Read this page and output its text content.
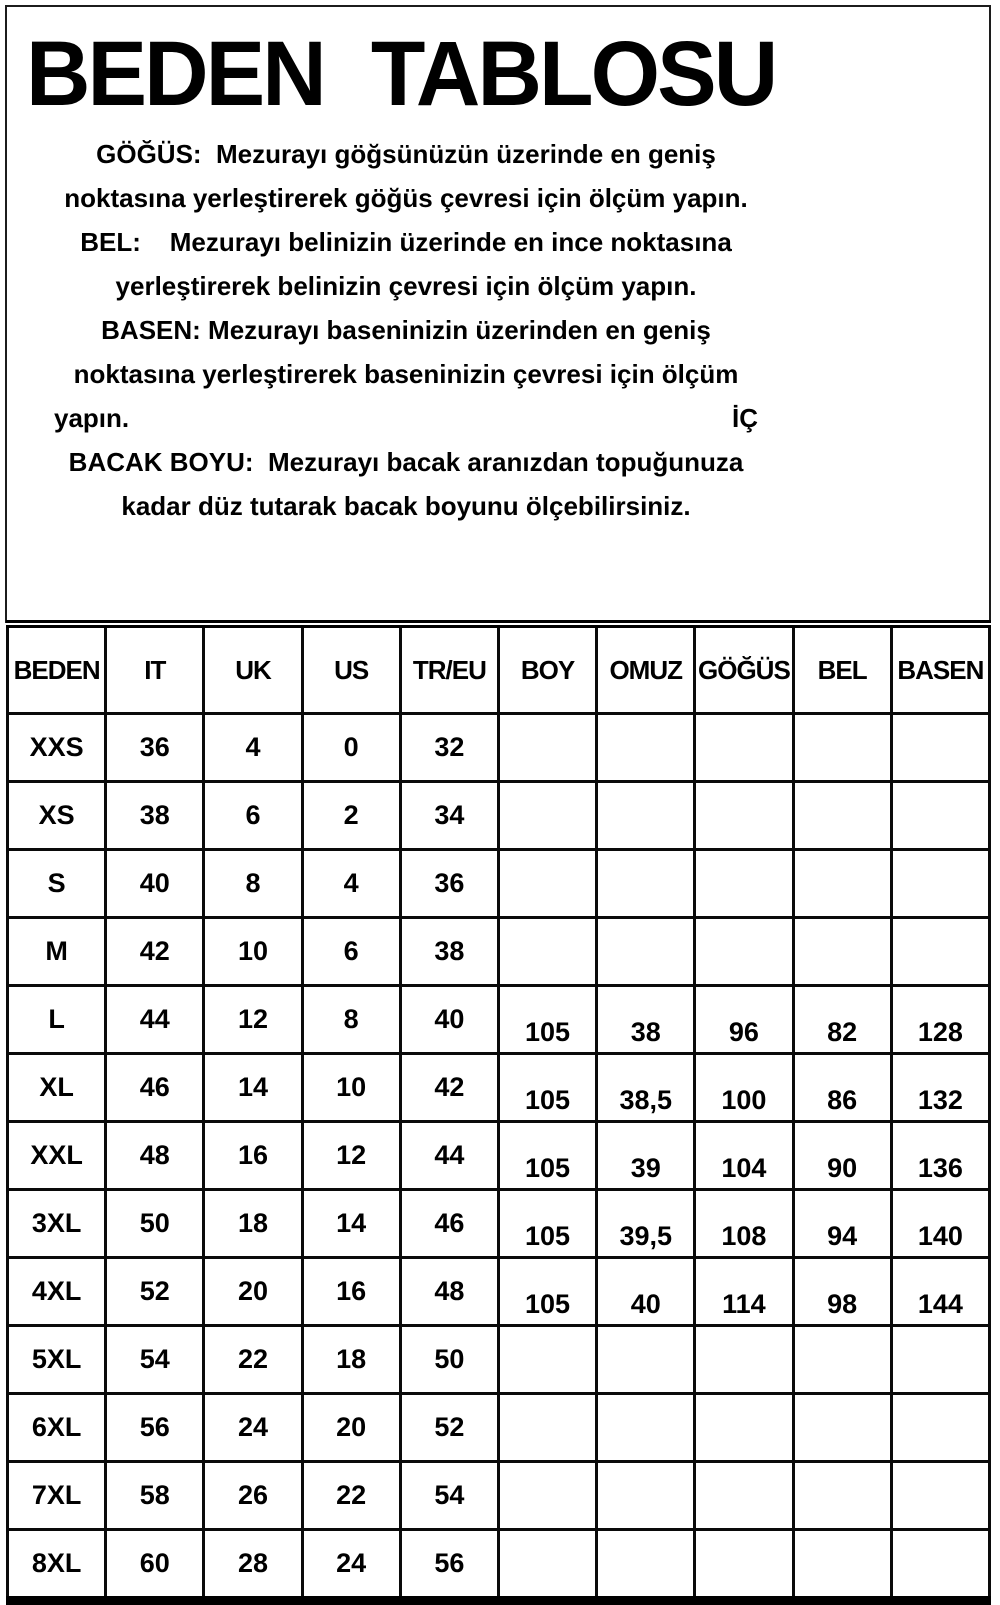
BEDEN TABLOSU
GÖĞÜS:  Mezurayı göğsünüzün üzerinde en geniş
noktasına yerleştirerek göğüs çevresi için ölçüm yapın.
BEL:    Mezurayı belinizin üzerinde en ince noktasına
yerleştirerek belinizin çevresi için ölçüm yapın.
BASEN: Mezurayı baseninizin üzerinden en geniş
noktasına yerleştirerek baseninizin çevresi için ölçüm
yapın.	İÇ
BACAK BOYU:  Mezurayı bacak aranızdan topuğunuza
kadar düz tutarak bacak boyunu ölçebilirsiniz.
BEDEN	IT	UK	US	TR/EU	BOY	OMUZ	GÖĞÜS	BEL	BASEN
XXS	36	4	0	32					
XS	38	6	2	34					
S	40	8	4	36					
M	42	10	6	38					
L	44	12	8	40	105	38	96	82	128
XL	46	14	10	42	105	38,5	100	86	132
XXL	48	16	12	44	105	39	104	90	136
3XL	50	18	14	46	105	39,5	108	94	140
4XL	52	20	16	48	105	40	114	98	144
5XL	54	22	18	50					
6XL	56	24	20	52					
7XL	58	26	22	54					
8XL	60	28	24	56					
